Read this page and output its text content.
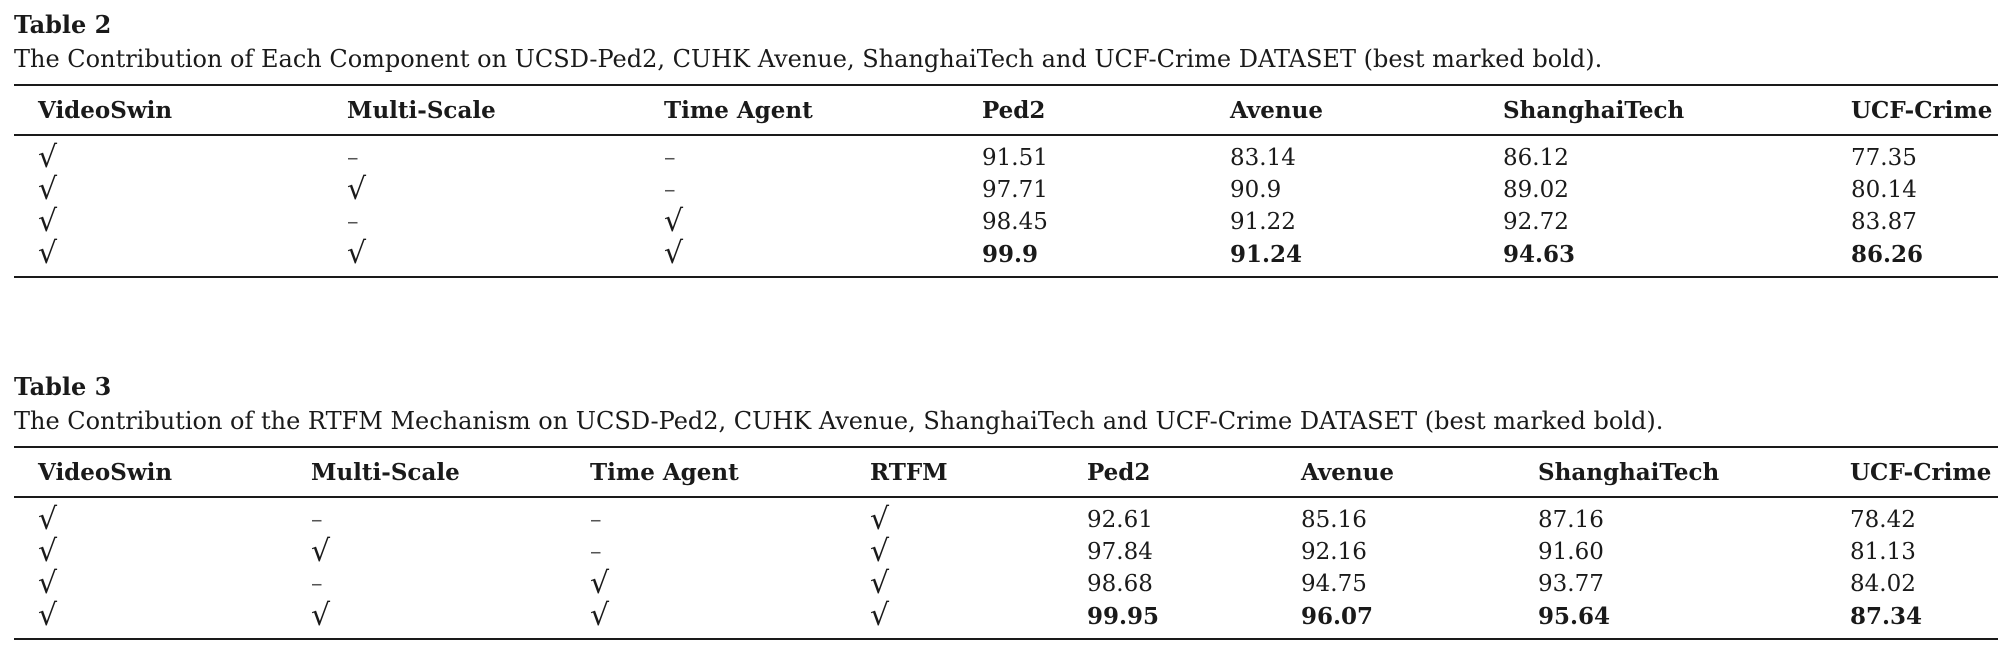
Table 2
The Contribution of Each Component on UCSD-Ped2, CUHK Avenue, ShanghaiTech and UCF-Crime DATASET (best marked bold).
VideoSwin	Multi-Scale	Time Agent	Ped2	Avenue	ShanghaiTech	UCF-Crime
√	–	–	91.51	83.14	86.12	77.35
√	√	–	97.71	90.9	89.02	80.14
√	–	√	98.45	91.22	92.72	83.87
√	√	√	99.9	91.24	94.63	86.26
Table 3
The Contribution of the RTFM Mechanism on UCSD-Ped2, CUHK Avenue, ShanghaiTech and UCF-Crime DATASET (best marked bold).
VideoSwin	Multi-Scale	Time Agent	RTFM	Ped2	Avenue	ShanghaiTech	UCF-Crime
√	–	–	√	92.61	85.16	87.16	78.42
√	√	–	√	97.84	92.16	91.60	81.13
√	–	√	√	98.68	94.75	93.77	84.02
√	√	√	√	99.95	96.07	95.64	87.34
